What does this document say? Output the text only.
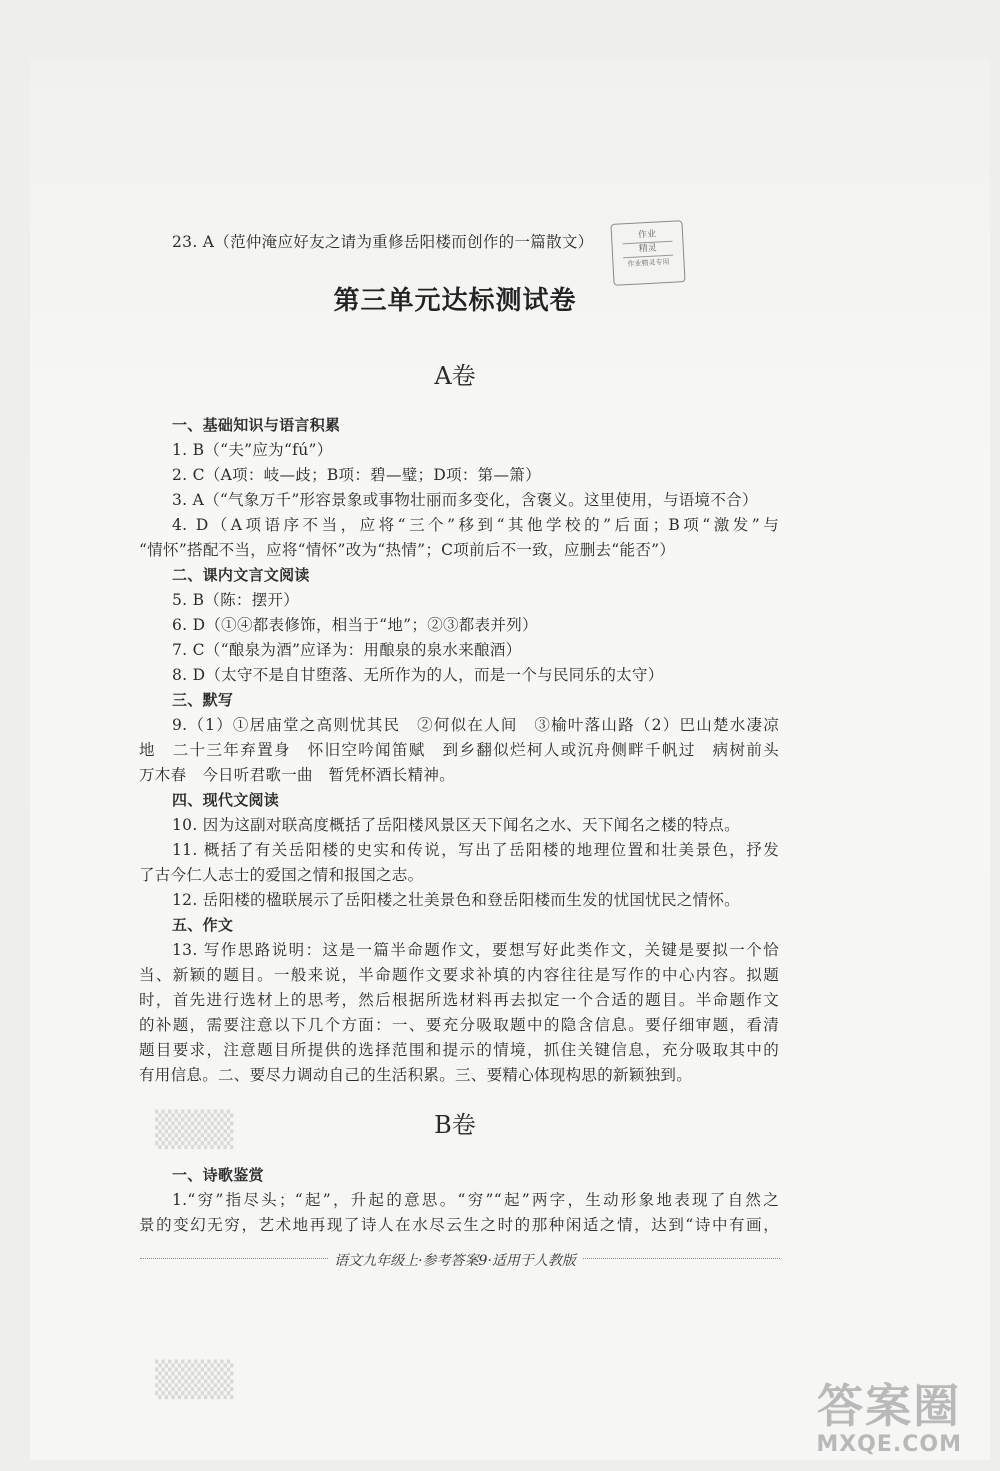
▒▒▒
▒▒▒

23. A（范仲淹应好友之请为重修岳阳楼而创作的一篇散文）	作业
精灵
作业精灵专用
第三单元达标测试卷
A卷

一、基础知识与语言积累

1. B（“夫”应为“fú”）

2. C（A项：岐—歧；B项：碧—璧；D项：第—箫）

3. A（“气象万千”形容景象或事物壮丽而多变化，含褒义。这里使用，与语境不合）

4. D（A项语序不当，应将“三个”移到“其他学校的”后面；B项“激发”与

“情怀”搭配不当，应将“情怀”改为“热情”；C项前后不一致，应删去“能否”）

二、课内文言文阅读

5. B（陈：摆开）

6. D（①④都表修饰，相当于“地”；②③都表并列）

7. C（“酿泉为酒”应译为：用酿泉的泉水来酿酒）

8. D（太守不是自甘堕落、无所作为的人，而是一个与民同乐的太守）

三、默写

9.（1）①居庙堂之高则忧其民　②何似在人间　③榆叶落山路（2）巴山楚水凄凉

地　二十三年弃置身　怀旧空吟闻笛赋　到乡翻似烂柯人或沉舟侧畔千帆过　病树前头

万木春　今日听君歌一曲　暂凭杯酒长精神。

四、现代文阅读

10. 因为这副对联高度概括了岳阳楼风景区天下闻名之水、天下闻名之楼的特点。

11. 概括了有关岳阳楼的史实和传说，写出了岳阳楼的地理位置和壮美景色，抒发

了古今仁人志士的爱国之情和报国之志。

12. 岳阳楼的楹联展示了岳阳楼之壮美景色和登岳阳楼而生发的忧国忧民之情怀。

五、作文

13. 写作思路说明：这是一篇半命题作文，要想写好此类作文，关键是要拟一个恰

当、新颖的题目。一般来说，半命题作文要求补填的内容往往是写作的中心内容。拟题

时，首先进行选材上的思考，然后根据所选材料再去拟定一个合适的题目。半命题作文

的补题，需要注意以下几个方面：一、要充分吸取题中的隐含信息。要仔细审题，看清

题目要求，注意题目所提供的选择范围和提示的情境，抓住关键信息，充分吸取其中的

有用信息。二、要尽力调动自己的生活积累。三、要精心体现构思的新颖独到。

B卷

一、诗歌鉴赏

1.“穷”指尽头；“起”，升起的意思。“穷”“起”两字，生动形象地表现了自然之

景的变幻无穷，艺术地再现了诗人在水尽云生之时的那种闲适之情，达到“诗中有画，

语文九年级上·参考答案9·适用于人教版
答案圈
MXQE.COM
